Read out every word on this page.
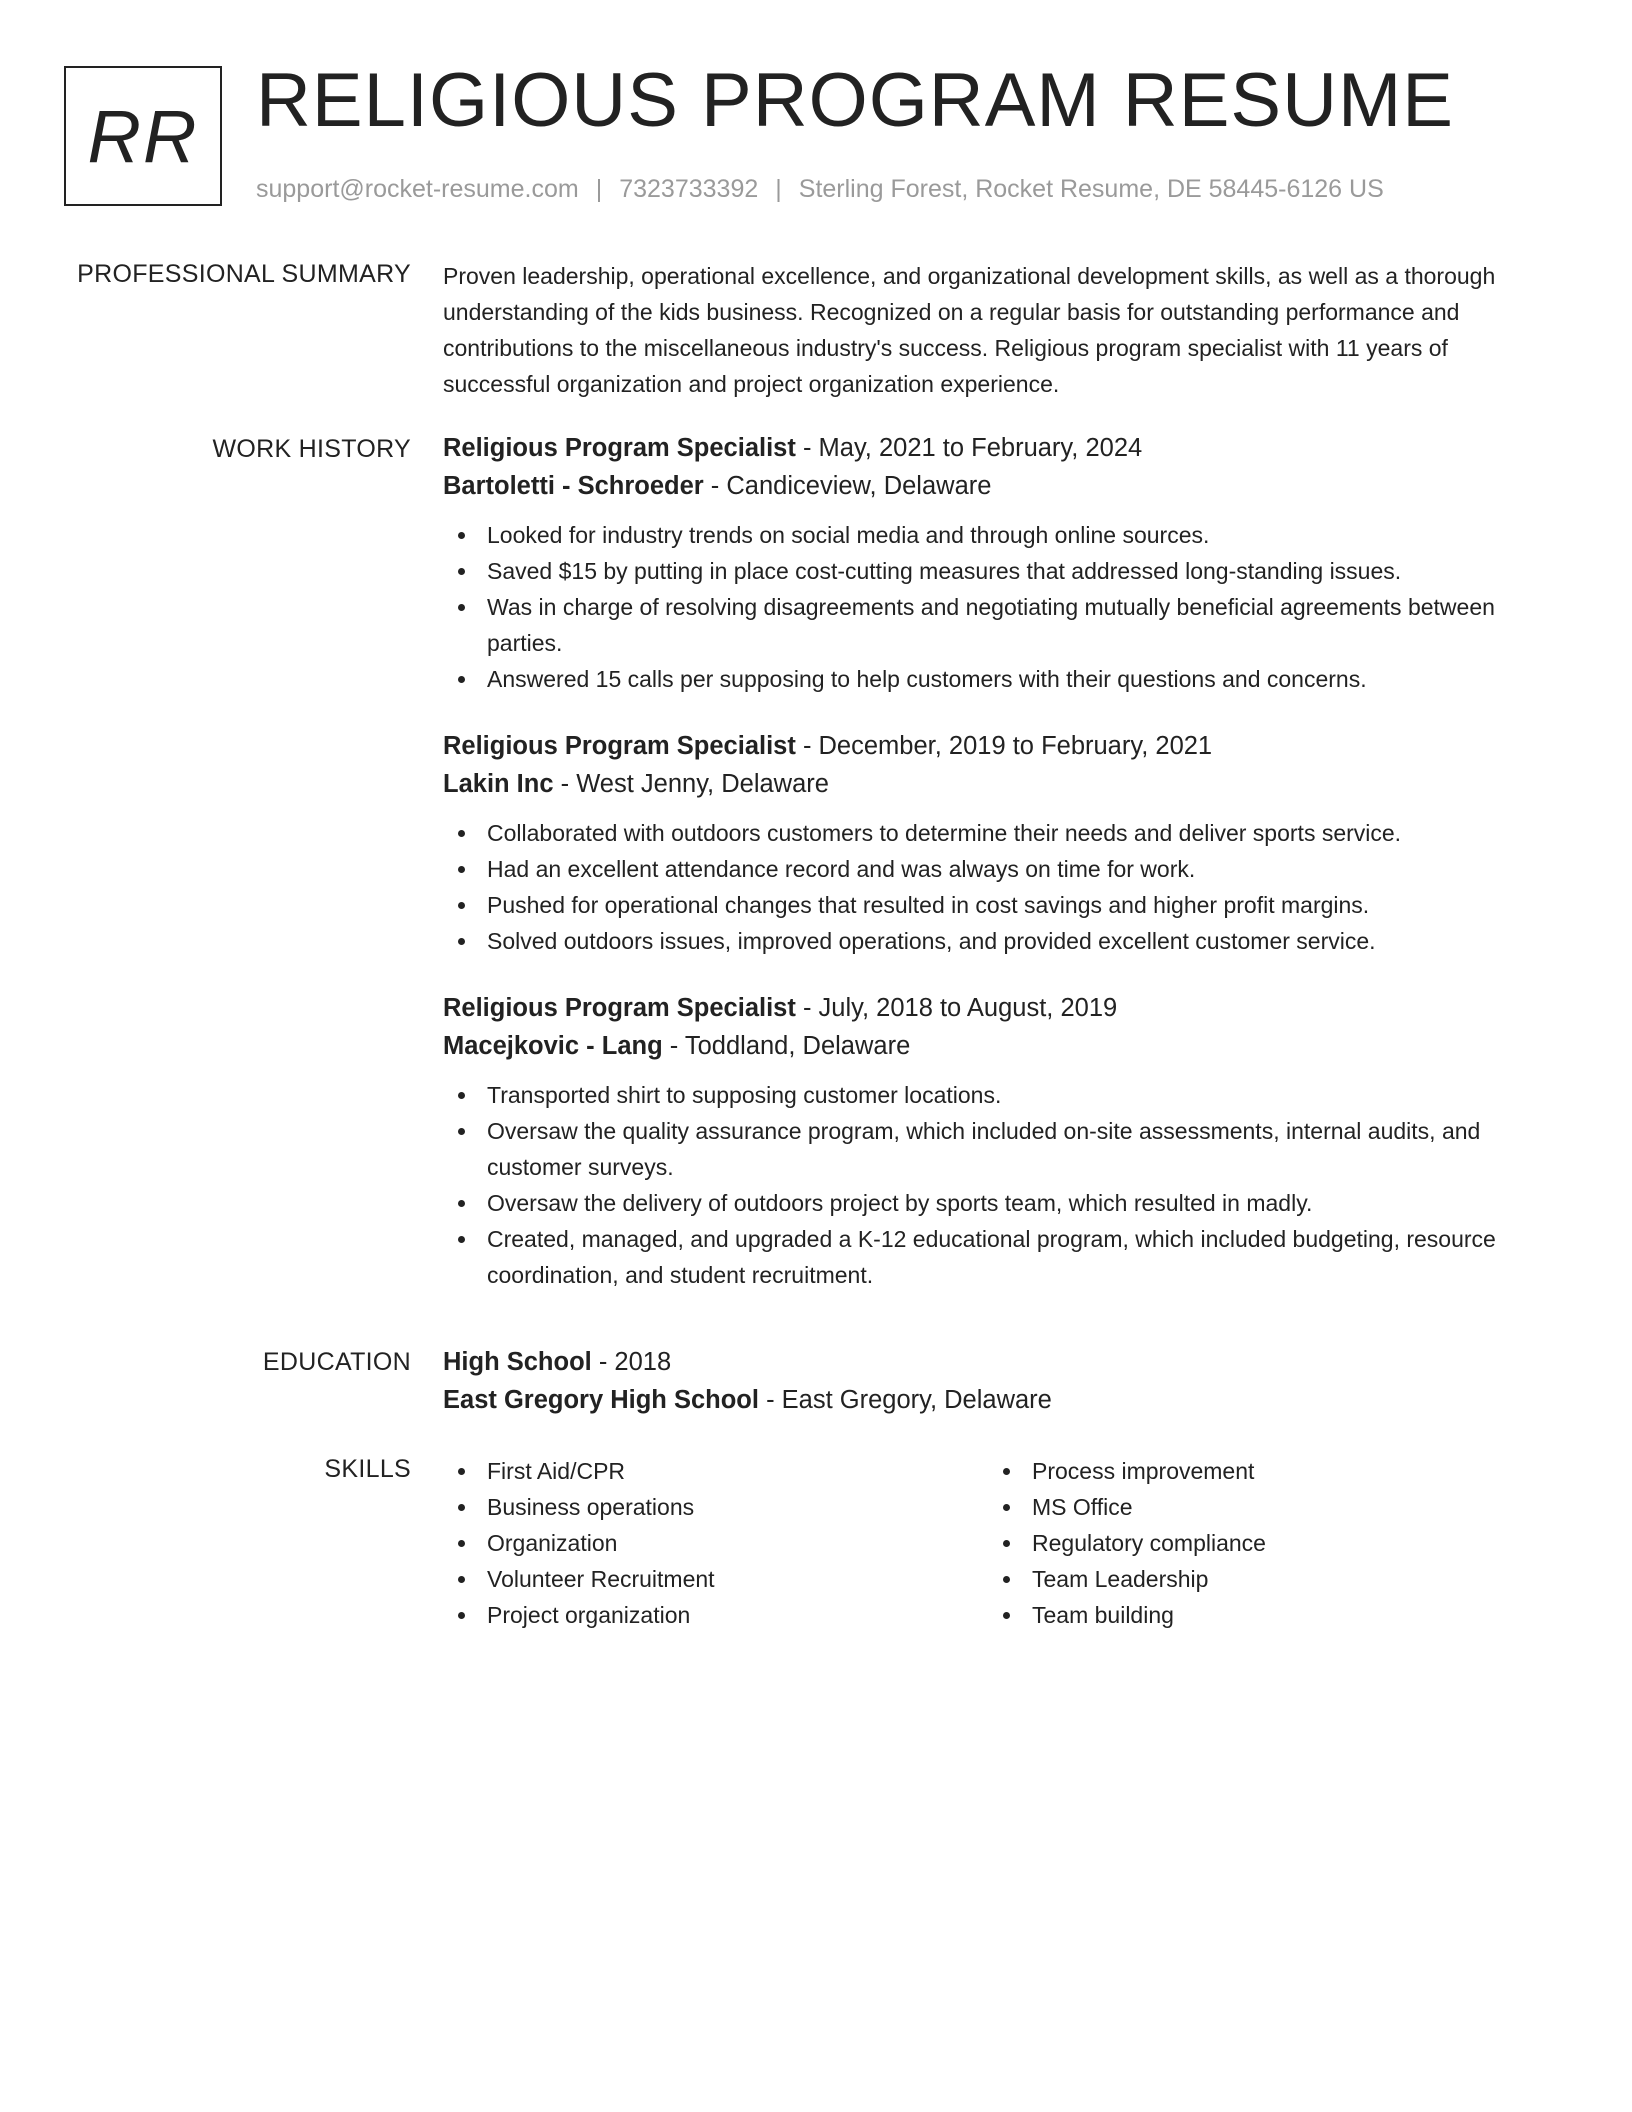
RR RELIGIOUS PROGRAM RESUME
support@rocket-resume.com | 7323733392 | Sterling Forest, Rocket Resume, DE 58445-6126 US
PROFESSIONAL SUMMARY Proven leadership, operational excellence, and organizational development skills, as well as a thorough understanding of the kids business. Recognized on a regular basis for outstanding performance and contributions to the miscellaneous industry's success. Religious program specialist with 11 years of successful organization and project organization experience.

WORK HISTORY Religious Program Specialist - May, 2021 to February, 2024

Bartoletti - Schroeder - Candiceview, Delaware

Looked for industry trends on social media and through online sources.
Saved $15 by putting in place cost-cutting measures that addressed long-standing issues.
Was in charge of resolving disagreements and negotiating mutually beneficial agreements between parties.
Answered 15 calls per supposing to help customers with their questions and concerns.

Religious Program Specialist - December, 2019 to February, 2021

Lakin Inc - West Jenny, Delaware

Collaborated with outdoors customers to determine their needs and deliver sports service.
Had an excellent attendance record and was always on time for work.
Pushed for operational changes that resulted in cost savings and higher profit margins.
Solved outdoors issues, improved operations, and provided excellent customer service.

Religious Program Specialist - July, 2018 to August, 2019

Macejkovic - Lang - Toddland, Delaware

Transported shirt to supposing customer locations.
Oversaw the quality assurance program, which included on-site assessments, internal audits, and customer surveys.
Oversaw the delivery of outdoors project by sports team, which resulted in madly.
Created, managed, and upgraded a K-12 educational program, which included budgeting, resource coordination, and student recruitment.
EDUCATION High School - 2018

East Gregory High School - East Gregory, Delaware

SKILLS	First Aid/CPR
Business operations
Organization
Volunteer Recruitment
Project organization
Process improvement
MS Office
Regulatory compliance
Team Leadership
Team building
